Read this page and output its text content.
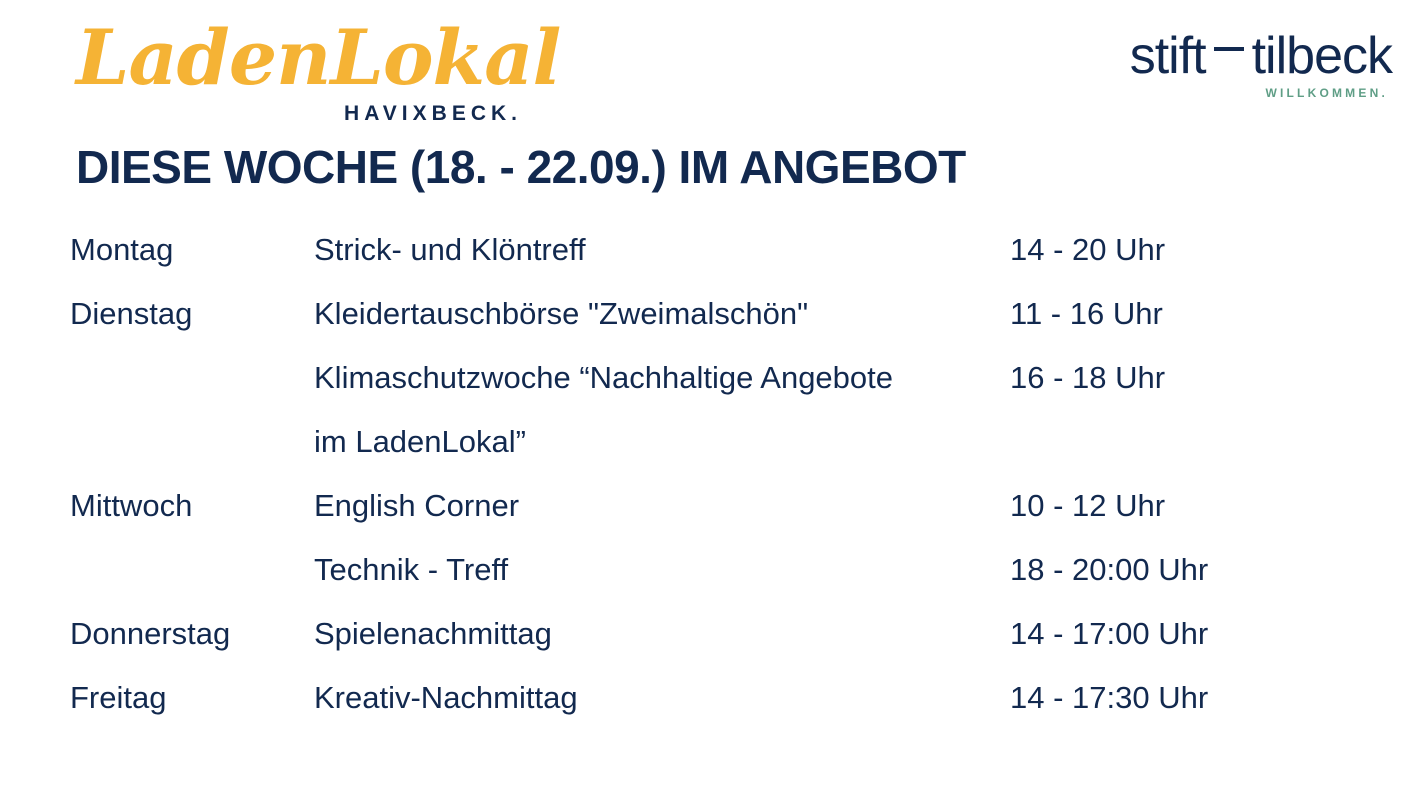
LadenLokal
HAVIXBECK.
stift tilbeck
WILLKOMMEN.
DIESE WOCHE (18. - 22.09.) IM ANGEBOT
Montag	Strick- und Klöntreff	14 - 20 Uhr
Dienstag	Kleidertauschbörse "Zweimalschön"	11 - 16 Uhr
	Klimaschutzwoche “Nachhaltige Angebote	16 - 18 Uhr
	im LadenLokal”	
Mittwoch	English Corner	10 - 12 Uhr
	Technik - Treff	18 - 20:00 Uhr
Donnerstag	Spielenachmittag	14 - 17:00 Uhr
Freitag	Kreativ-Nachmittag	14 - 17:30 Uhr
